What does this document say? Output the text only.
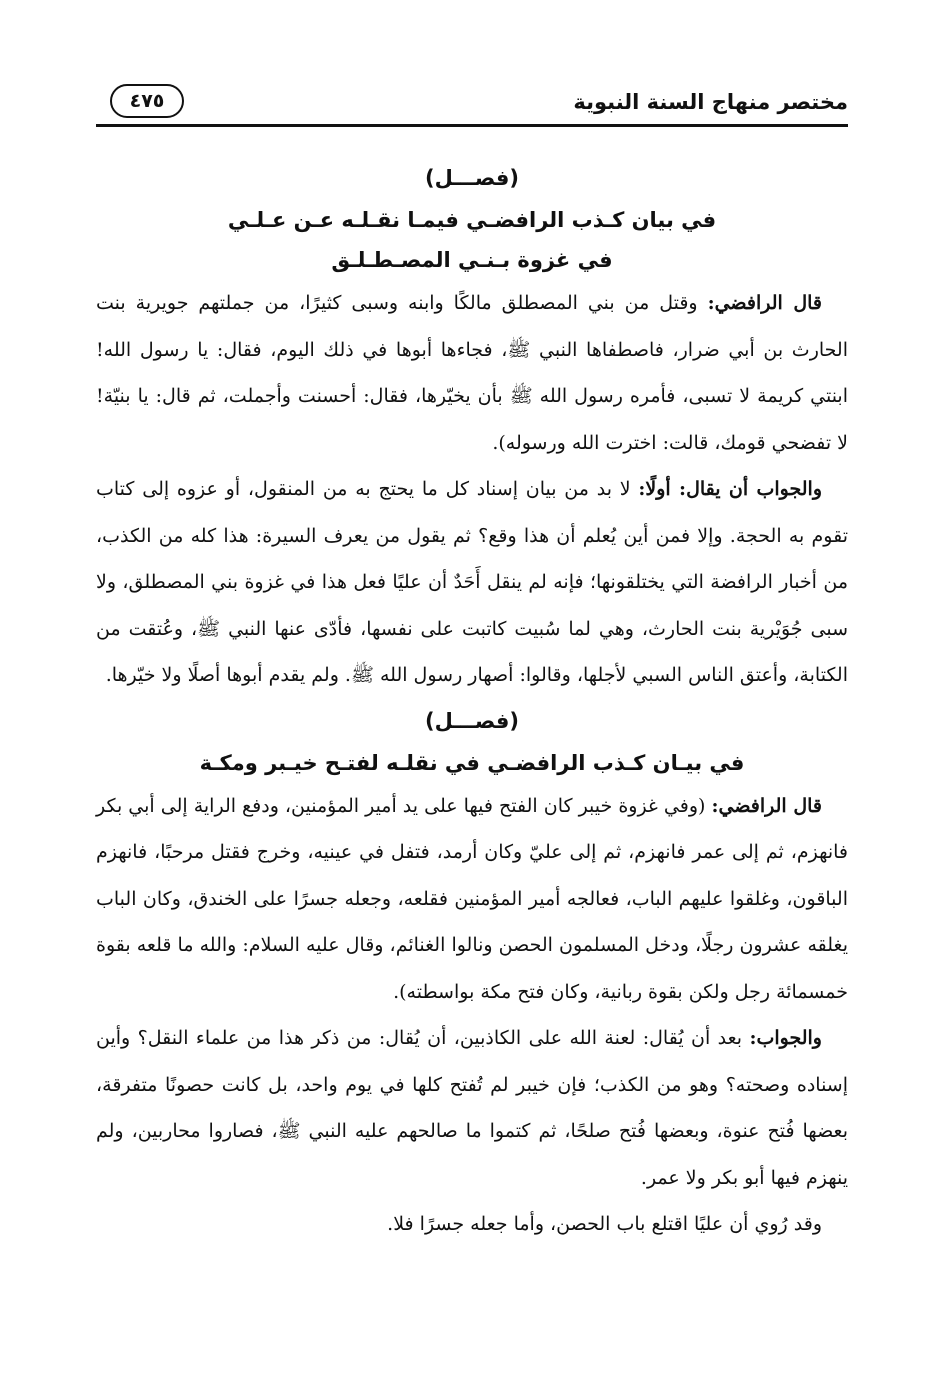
مختصر منهاج السنة النبوية
٤٧٥
(فصـــل)
في بيان كـذب الرافضـي فيمـا نقـلـه عـن عـلـي
في غزوة بـنـي المصـطـلـق

قال الرافضي: وقتل من بني المصطلق مالكًا وابنه وسبى كثيرًا، من جملتهم جويرية بنت الحارث بن أبي ضرار، فاصطفاها النبي ﷺ، فجاءها أبوها في ذلك اليوم، فقال: يا رسول الله! ابنتي كريمة لا تسبى، فأمره رسول الله ﷺ بأن يخيّرها، فقال: أحسنت وأجملت، ثم قال: يا بنيّة! لا تفضحي قومك، قالت: اخترت الله ورسوله).

والجواب أن يقال: أولًا: لا بد من بيان إسناد كل ما يحتج به من المنقول، أو عزوه إلى كتاب تقوم به الحجة. وإلا فمن أين يُعلم أن هذا وقع؟ ثم يقول من يعرف السيرة: هذا كله من الكذب، من أخبار الرافضة التي يختلقونها؛ فإنه لم ينقل أَحَدٌ أن عليًا فعل هذا في غزوة بني المصطلق، ولا سبى جُوَيْرية بنت الحارث، وهي لما سُبيت كاتبت على نفسها، فأدّى عنها النبي ﷺ، وعُتقت من الكتابة، وأعتق الناس السبي لأجلها، وقالوا: أصهار رسول الله ﷺ. ولم يقدم أبوها أصلًا ولا خيّرها.

(فصـــل)
في بيـان كـذب الرافضـي في نقلـه لفتـح خيـبر ومكـة

قال الرافضي: (وفي غزوة خيبر كان الفتح فيها على يد أمير المؤمنين، ودفع الراية إلى أبي بكر فانهزم، ثم إلى عمر فانهزم، ثم إلى عليّ وكان أرمد، فتفل في عينيه، وخرج فقتل مرحبًا، فانهزم الباقون، وغلقوا عليهم الباب، فعالجه أمير المؤمنين فقلعه، وجعله جسرًا على الخندق، وكان الباب يغلقه عشرون رجلًا، ودخل المسلمون الحصن ونالوا الغنائم، وقال عليه السلام: والله ما قلعه بقوة خمسمائة رجل ولكن بقوة ربانية، وكان فتح مكة بواسطته).

والجواب: بعد أن يُقال: لعنة الله على الكاذبين، أن يُقال: من ذكر هذا من علماء النقل؟ وأين إسناده وصحته؟ وهو من الكذب؛ فإن خيبر لم تُفتح كلها في يوم واحد، بل كانت حصونًا متفرقة، بعضها فُتح عنوة، وبعضها فُتح صلحًا، ثم كتموا ما صالحهم عليه النبي ﷺ، فصاروا محاربين، ولم ينهزم فيها أبو بكر ولا عمر.

وقد رُوي أن عليًا اقتلع باب الحصن، وأما جعله جسرًا فلا.
